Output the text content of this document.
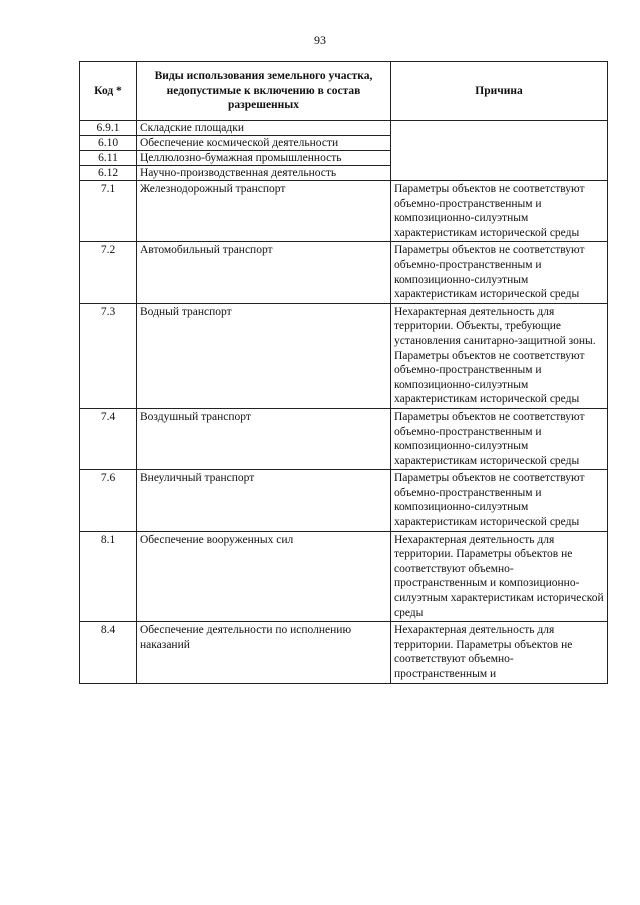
93
Код *	Виды использования земельного участка, недопустимые к включению в состав разрешенных	Причина
6.9.1	Складские площадки	
6.10	Обеспечение космической деятельности	
6.11	Целлюлозно-бумажная промышленность	
6.12	Научно-производственная деятельность	
7.1	Железнодорожный транспорт	Параметры объектов не соответствуют объемно-пространственным и композиционно-силуэтным характеристикам исторической среды
7.2	Автомобильный транспорт	Параметры объектов не соответствуют объемно-пространственным и композиционно-силуэтным характеристикам исторической среды
7.3	Водный транспорт	Нехарактерная деятельность для территории. Объекты, требующие установления санитарно-защитной зоны. Параметры объектов не соответствуют объемно-пространственным и композиционно-силуэтным характеристикам исторической среды
7.4	Воздушный транспорт	Параметры объектов не соответствуют объемно-пространственным и композиционно-силуэтным характеристикам исторической среды
7.6	Внеуличный транспорт	Параметры объектов не соответствуют объемно-пространственным и композиционно-силуэтным характеристикам исторической среды
8.1	Обеспечение вооруженных сил	Нехарактерная деятельность для территории. Параметры объектов не соответствуют объемно-пространственным и композиционно-силуэтным характеристикам исторической среды
8.4	Обеспечение деятельности по исполнению наказаний	Нехарактерная деятельность для территории. Параметры объектов не соответствуют объемно-пространственным и
